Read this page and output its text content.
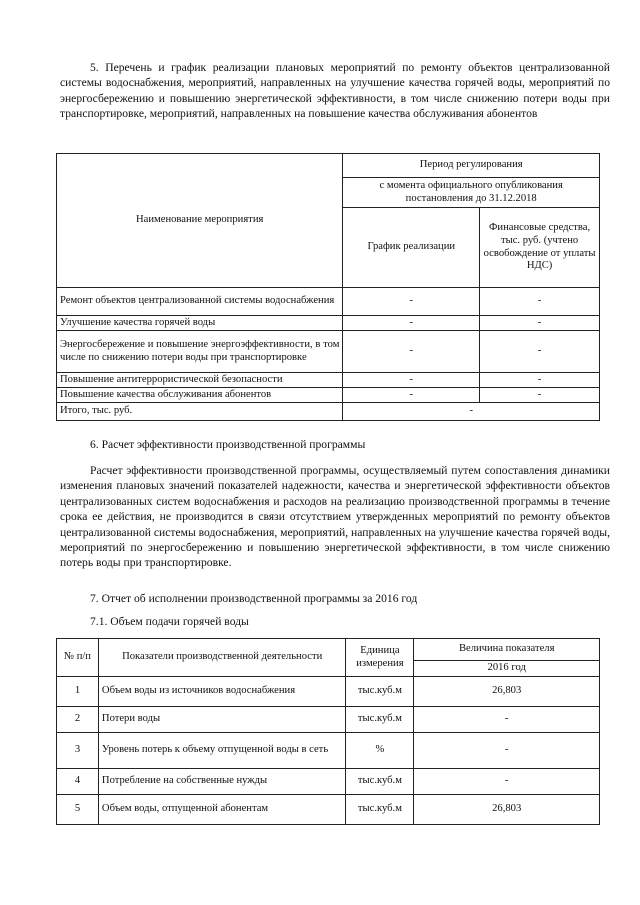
5. Перечень и график реализации плановых мероприятий по ремонту объектов централизованной системы водоснабжения, мероприятий, направленных на улучшение качества горячей воды, мероприятий по энергосбережению и повышению энергетической эффективности, в том числе снижению потери воды при транспортировке, мероприятий, направленных на повышение качества обслуживания абонентов

Наименование мероприятия	Период регулирования	
	с момента официального опубликования постановления до 31.12.2018	
	График реализации	Финансовые средства, тыс. руб. (учтено освобождение от уплаты НДС)
Ремонт объектов централизованной системы водоснабжения	-	-
Улучшение качества горячей воды	-	-
Энергосбережение и повышение энергоэффективности, в том числе по снижению потери воды при транспортировке	-	-
Повышение антитеррористической безопасности	-	-
Повышение качества обслуживания абонентов	-	-
Итого, тыс. руб.	-	

6. Расчет эффективности производственной программы

Расчет эффективности производственной программы, осуществляемый путем сопоставления динамики изменения плановых значений показателей надежности, качества и энергетической эффективности объектов централизованных систем водоснабжения и расходов на реализацию производственной программы в течение срока ее действия, не производится в связи отсутствием утвержденных мероприятий по ремонту объектов централизованной системы водоснабжения, мероприятий, направленных на улучшение качества горячей воды, мероприятий по энергосбережению и повышению энергетической эффективности, в том числе снижению потерь воды при транспортировке.

7. Отчет об исполнении производственной программы за 2016 год

7.1. Объем подачи горячей воды

№ п/п	Показатели производственной деятельности	Единица измерения	Величина показателя
			2016 год
1	Объем воды из источников водоснабжения	тыс.куб.м	26,803
2	Потери воды	тыс.куб.м	-
3	Уровень потерь к объему отпущенной воды в сеть	%	-
4	Потребление на собственные нужды	тыс.куб.м	-
5	Объем воды, отпущенной абонентам	тыс.куб.м	26,803
